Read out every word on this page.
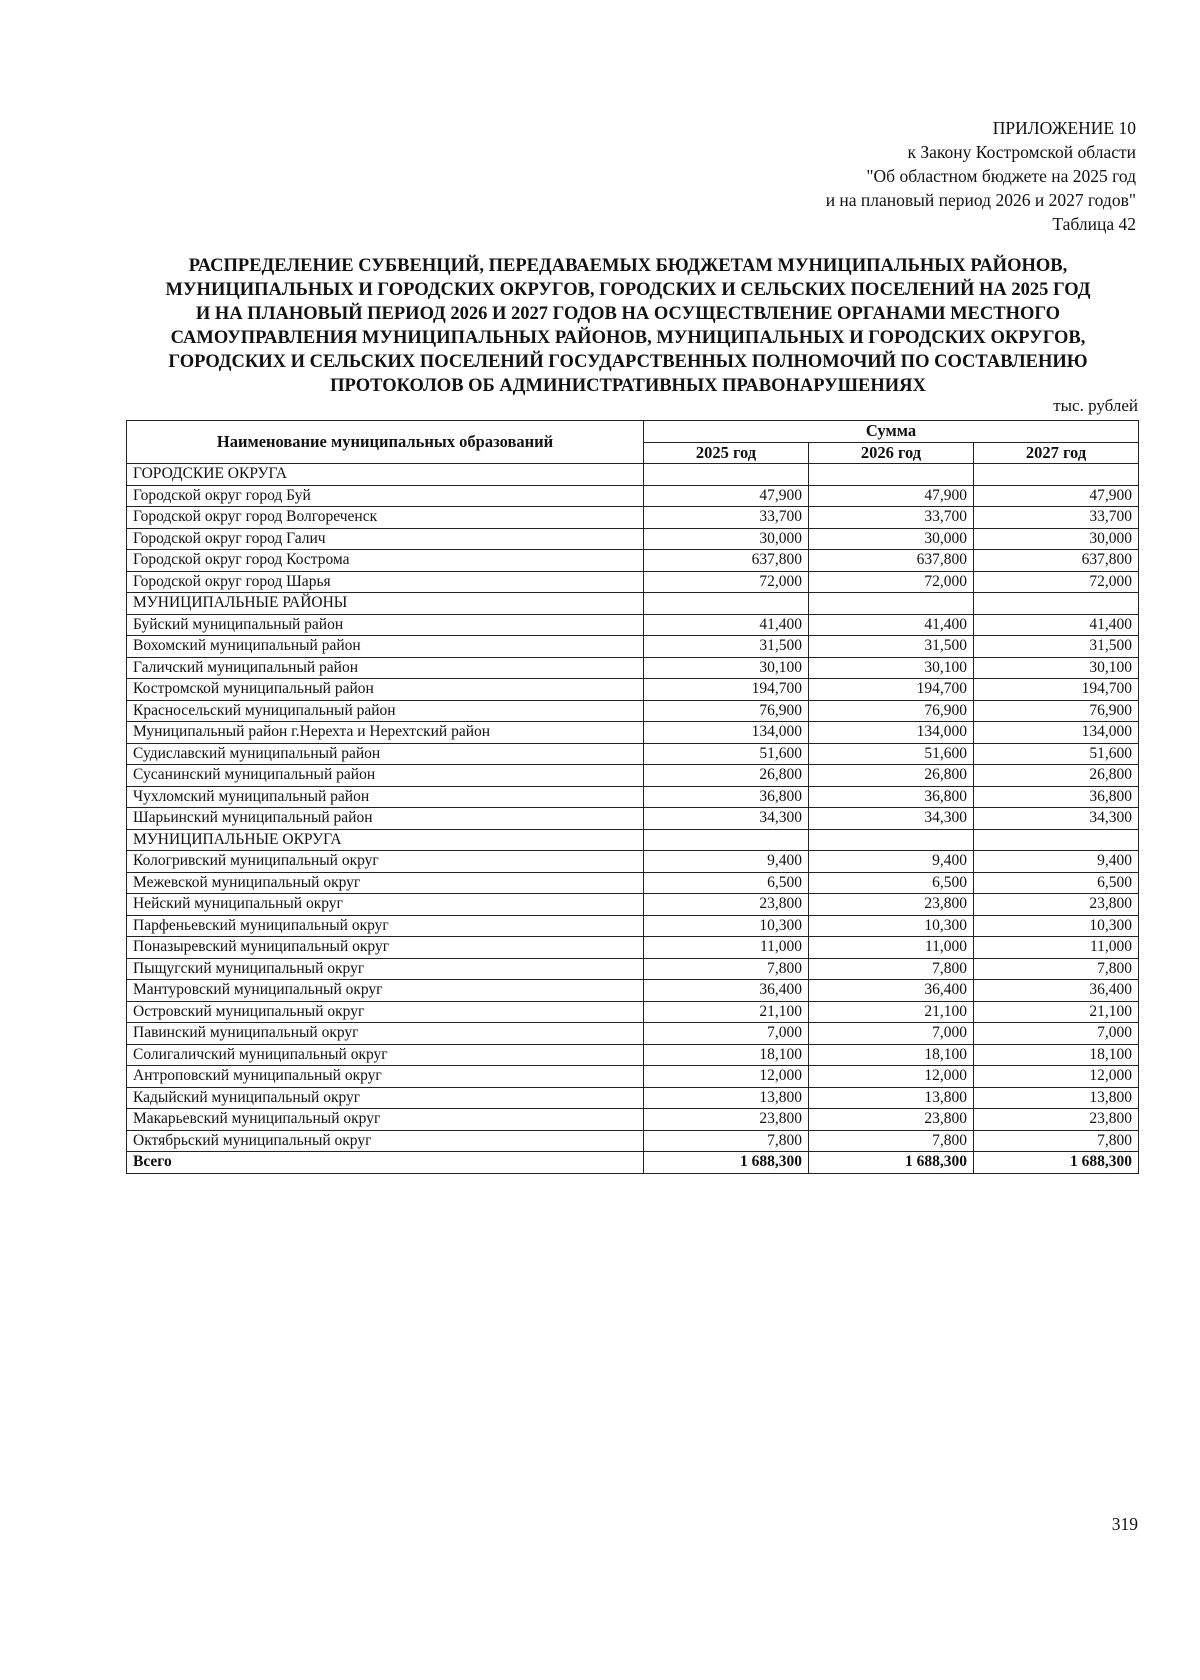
ПРИЛОЖЕНИЕ 10
к Закону Костромской области
"Об областном бюджете на 2025 год
и на плановый период 2026 и 2027 годов"
Таблица 42
РАСПРЕДЕЛЕНИЕ СУБВЕНЦИЙ, ПЕРЕДАВАЕМЫХ БЮДЖЕТАМ МУНИЦИПАЛЬНЫХ РАЙОНОВ,
МУНИЦИПАЛЬНЫХ И ГОРОДСКИХ ОКРУГОВ, ГОРОДСКИХ И СЕЛЬСКИХ ПОСЕЛЕНИЙ НА 2025 ГОД
И НА ПЛАНОВЫЙ ПЕРИОД 2026 И 2027 ГОДОВ НА ОСУЩЕСТВЛЕНИЕ ОРГАНАМИ МЕСТНОГО
САМОУПРАВЛЕНИЯ МУНИЦИПАЛЬНЫХ РАЙОНОВ, МУНИЦИПАЛЬНЫХ И ГОРОДСКИХ ОКРУГОВ,
ГОРОДСКИХ И СЕЛЬСКИХ ПОСЕЛЕНИЙ ГОСУДАРСТВЕННЫХ ПОЛНОМОЧИЙ ПО СОСТАВЛЕНИЮ
ПРОТОКОЛОВ ОБ АДМИНИСТРАТИВНЫХ ПРАВОНАРУШЕНИЯХ
тыс. рублей
Наименование муниципальных образований	Сумма		
	2025 год	2026 год	2027 год
ГОРОДСКИЕ ОКРУГА			
Городской округ город Буй	47,900	47,900	47,900
Городской округ город Волгореченск	33,700	33,700	33,700
Городской округ город Галич	30,000	30,000	30,000
Городской округ город Кострома	637,800	637,800	637,800
Городской округ город Шарья	72,000	72,000	72,000
МУНИЦИПАЛЬНЫЕ РАЙОНЫ			
Буйский муниципальный район	41,400	41,400	41,400
Вохомский муниципальный район	31,500	31,500	31,500
Галичский муниципальный район	30,100	30,100	30,100
Костромской муниципальный район	194,700	194,700	194,700
Красносельский муниципальный район	76,900	76,900	76,900
Муниципальный район г.Нерехта и Нерехтский район	134,000	134,000	134,000
Судиславский муниципальный район	51,600	51,600	51,600
Сусанинский муниципальный район	26,800	26,800	26,800
Чухломский муниципальный район	36,800	36,800	36,800
Шарьинский муниципальный район	34,300	34,300	34,300
МУНИЦИПАЛЬНЫЕ ОКРУГА			
Кологривский муниципальный округ	9,400	9,400	9,400
Межевской муниципальный округ	6,500	6,500	6,500
Нейский муниципальный округ	23,800	23,800	23,800
Парфеньевский муниципальный округ	10,300	10,300	10,300
Поназыревский муниципальный округ	11,000	11,000	11,000
Пыщугский муниципальный округ	7,800	7,800	7,800
Мантуровский муниципальный округ	36,400	36,400	36,400
Островский муниципальный округ	21,100	21,100	21,100
Павинский муниципальный округ	7,000	7,000	7,000
Солигаличский муниципальный округ	18,100	18,100	18,100
Антроповский муниципальный округ	12,000	12,000	12,000
Кадыйский муниципальный округ	13,800	13,800	13,800
Макарьевский муниципальный округ	23,800	23,800	23,800
Октябрьский муниципальный округ	7,800	7,800	7,800
Всего	1 688,300	1 688,300	1 688,300
319
